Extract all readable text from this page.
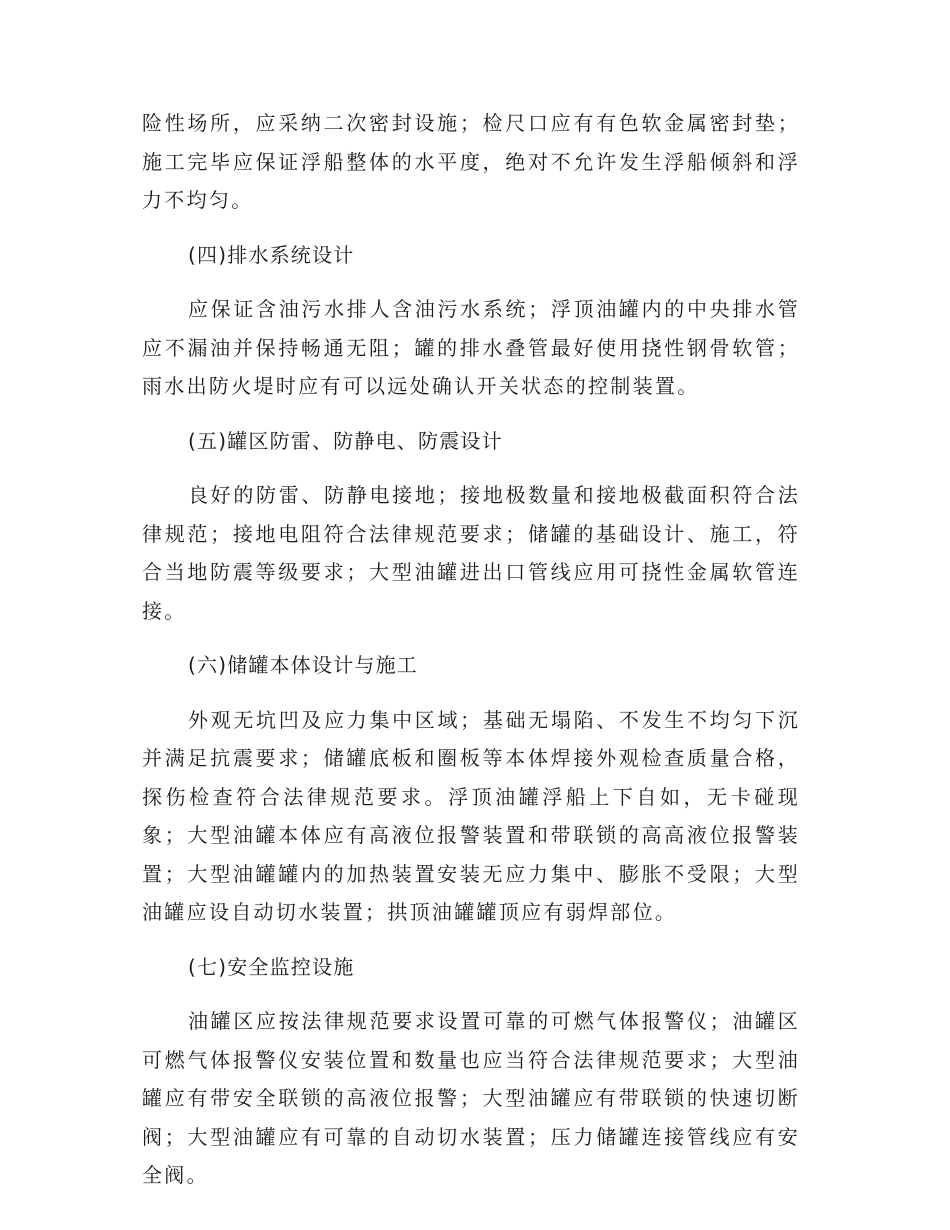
险性场所，应采纳二次密封设施；检尺口应有有色软金属密封垫；施工完毕应保证浮船整体的水平度，绝对不允许发生浮船倾斜和浮力不均匀。

(四)排水系统设计

应保证含油污水排人含油污水系统；浮顶油罐内的中央排水管应不漏油并保持畅通无阻；罐的排水叠管最好使用挠性钢骨软管；雨水出防火堤时应有可以远处确认开关状态的控制装置。

(五)罐区防雷、防静电、防震设计

良好的防雷、防静电接地；接地极数量和接地极截面积符合法律规范；接地电阻符合法律规范要求；储罐的基础设计、施工，符合当地防震等级要求；大型油罐进出口管线应用可挠性金属软管连接。

(六)储罐本体设计与施工

外观无坑凹及应力集中区域；基础无塌陷、不发生不均匀下沉并满足抗震要求；储罐底板和圈板等本体焊接外观检查质量合格，探伤检查符合法律规范要求。浮顶油罐浮船上下自如，无卡碰现象；大型油罐本体应有高液位报警装置和带联锁的高高液位报警装置；大型油罐罐内的加热装置安装无应力集中、膨胀不受限；大型油罐应设自动切水装置；拱顶油罐罐顶应有弱焊部位。

(七)安全监控设施

油罐区应按法律规范要求设置可靠的可燃气体报警仪；油罐区可燃气体报警仪安装位置和数量也应当符合法律规范要求；大型油罐应有带安全联锁的高液位报警；大型油罐应有带联锁的快速切断阀；大型油罐应有可靠的自动切水装置；压力储罐连接管线应有安全阀。
